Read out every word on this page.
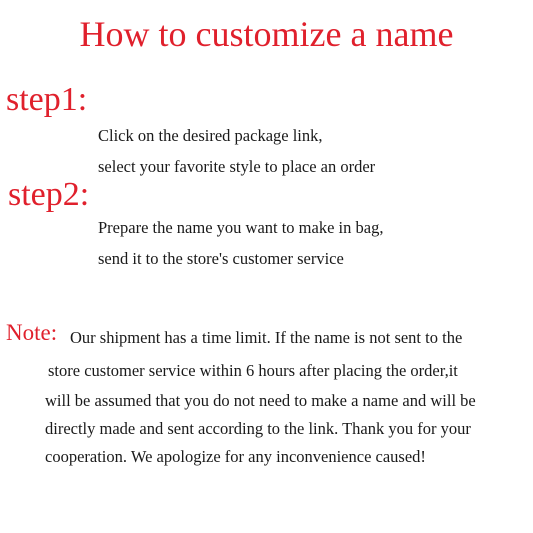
How to customize a name
step1:
Click on the desired package link,
select your favorite style to place an order
step2:
Prepare the name you want to make in bag,
send it to the store's customer service
Note: Our shipment has a time limit. If the name is not sent to the
store customer service within 6 hours after placing the order,it
will be assumed that you do not need to make a name and will be
directly made and sent according to the link. Thank you for your
cooperation. We apologize for any inconvenience caused!
